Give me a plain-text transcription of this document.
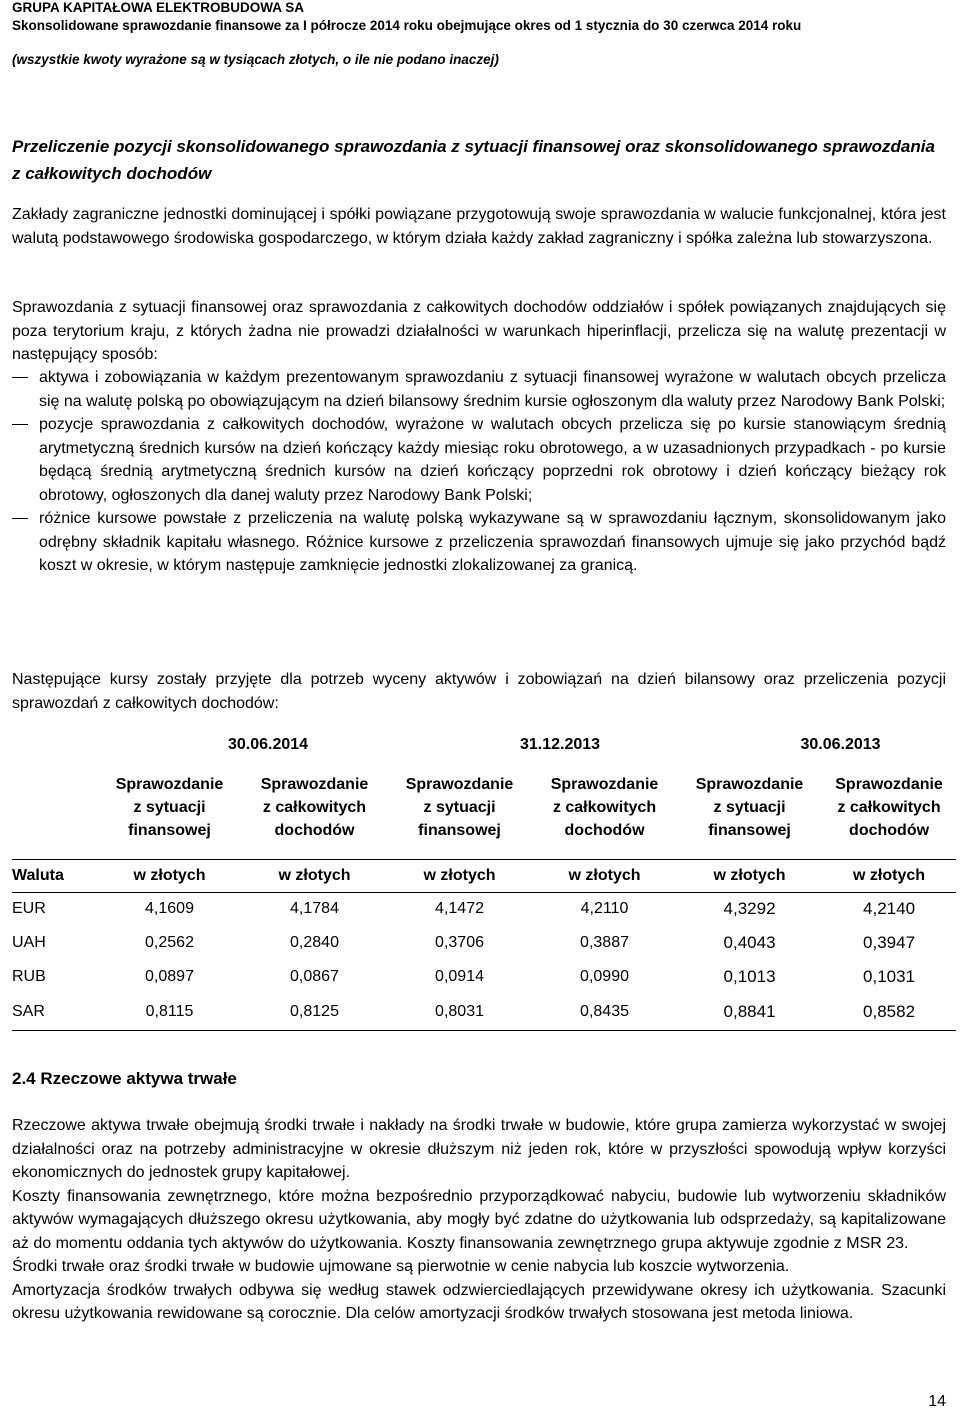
GRUPA KAPITAŁOWA ELEKTROBUDOWA SA
Skonsolidowane sprawozdanie finansowe za I półrocze 2014 roku obejmujące okres od 1 stycznia do 30 czerwca 2014 roku
(wszystkie kwoty wyrażone są w tysiącach złotych, o ile nie podano inaczej)
Przeliczenie pozycji skonsolidowanego sprawozdania z sytuacji finansowej oraz skonsolidowanego sprawozdania z całkowitych dochodów
Zakłady zagraniczne jednostki dominującej i spółki powiązane przygotowują swoje sprawozdania w walucie funkcjonalnej, która jest walutą podstawowego środowiska gospodarczego, w którym działa każdy zakład zagraniczny i spółka zależna lub stowarzyszona.
Sprawozdania z sytuacji finansowej oraz sprawozdania z całkowitych dochodów oddziałów i spółek powiązanych znajdujących się poza terytorium kraju, z których żadna nie prowadzi działalności w warunkach hiperinflacji, przelicza się na walutę prezentacji w następujący sposób:
aktywa i zobowiązania w każdym prezentowanym sprawozdaniu z sytuacji finansowej wyrażone w walutach obcych przelicza się na walutę polską po obowiązującym na dzień bilansowy średnim kursie ogłoszonym dla waluty przez Narodowy Bank Polski;
pozycje sprawozdania z całkowitych dochodów, wyrażone w walutach obcych przelicza się po kursie stanowiącym średnią arytmetyczną średnich kursów na dzień kończący każdy miesiąc roku obrotowego, a w uzasadnionych przypadkach - po kursie będącą średnią arytmetyczną średnich kursów na dzień kończący poprzedni rok obrotowy i dzień kończący bieżący rok obrotowy, ogłoszonych dla danej waluty przez Narodowy Bank Polski;
różnice kursowe powstałe z przeliczenia na walutę polską wykazywane są w sprawozdaniu łącznym, skonsolidowanym jako odrębny składnik kapitału własnego. Różnice kursowe z przeliczenia sprawozdań finansowych ujmuje się jako przychód bądź koszt w okresie, w którym następuje zamknięcie jednostki zlokalizowanej za granicą.
Następujące kursy zostały przyjęte dla potrzeb wyceny aktywów i zobowiązań na dzień bilansowy oraz przeliczenia pozycji sprawozdań z całkowitych dochodów:
	30.06.2014		31.12.2013		30.06.2013	

	Sprawozdanie
z sytuacji
finansowej	Sprawozdanie
z całkowitych
dochodów	Sprawozdanie
z sytuacji
finansowej	Sprawozdanie
z całkowitych
dochodów	Sprawozdanie
z sytuacji
finansowej	Sprawozdanie
z całkowitych
dochodów

Waluta	w złotych	w złotych	w złotych	w złotych	w złotych	w złotych
EUR	4,1609	4,1784	4,1472	4,2110	4,3292	4,2140
UAH	0,2562	0,2840	0,3706	0,3887	0,4043	0,3947
RUB	0,0897	0,0867	0,0914	0,0990	0,1013	0,1031
SAR	0,8115	0,8125	0,8031	0,8435	0,8841	0,8582
2.4 Rzeczowe aktywa trwałe
Rzeczowe aktywa trwałe obejmują środki trwałe i nakłady na środki trwałe w budowie, które grupa zamierza wykorzystać w swojej działalności oraz na potrzeby administracyjne w okresie dłuższym niż jeden rok, które w przyszłości spowodują wpływ korzyści ekonomicznych do jednostek grupy kapitałowej.
Koszty finansowania zewnętrznego, które można bezpośrednio przyporządkować nabyciu, budowie lub wytworzeniu składników aktywów wymagających dłuższego okresu użytkowania, aby mogły być zdatne do użytkowania lub odsprzedaży, są kapitalizowane aż do momentu oddania tych aktywów do użytkowania. Koszty finansowania zewnętrznego grupa aktywuje zgodnie z MSR 23.
Środki trwałe oraz środki trwałe w budowie ujmowane są pierwotnie w cenie nabycia lub koszcie wytworzenia.
Amortyzacja środków trwałych odbywa się według stawek odzwierciedlających przewidywane okresy ich użytkowania. Szacunki okresu użytkowania rewidowane są corocznie. Dla celów amortyzacji środków trwałych stosowana jest metoda liniowa.
14
